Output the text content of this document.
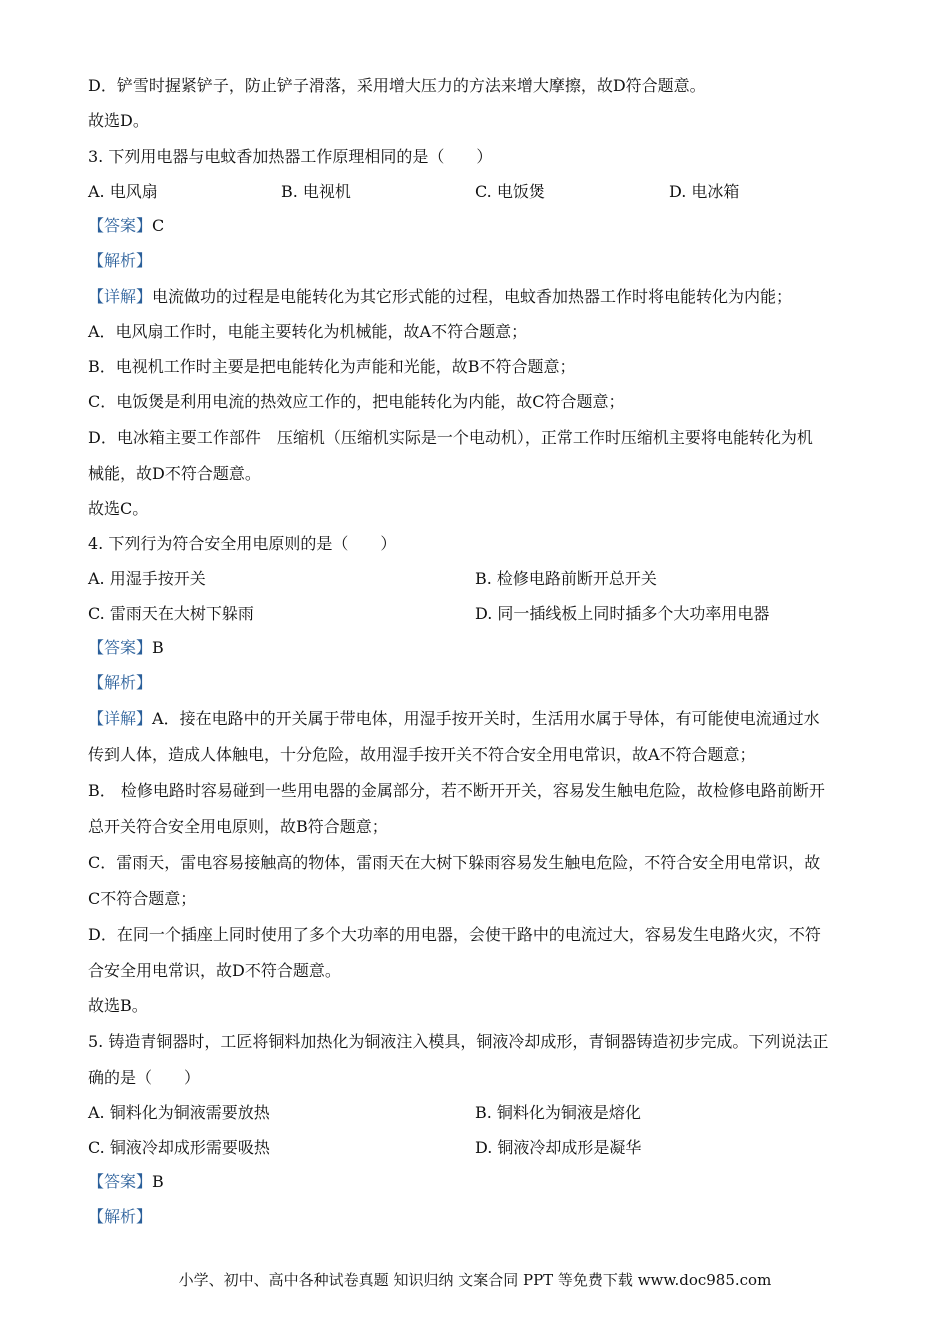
D．铲雪时握紧铲子，防止铲子滑落，采用增大压力的方法来增大摩擦，故D符合题意。
故选D。
3. 下列用电器与电蚊香加热器工作原理相同的是（　　）
A. 电风扇	B. 电视机	C. 电饭煲	D. 电冰箱
【答案】C
【解析】
【详解】电流做功的过程是电能转化为其它形式能的过程，电蚊香加热器工作时将电能转化为内能；
A．电风扇工作时，电能主要转化为机械能，故A不符合题意；
B．电视机工作时主要是把电能转化为声能和光能，故B不符合题意；
C．电饭煲是利用电流的热效应工作的，把电能转化为内能，故C符合题意；
D．电冰箱主要工作部件　压缩机（压缩机实际是一个电动机），正常工作时压缩机主要将电能转化为机
械能，故D不符合题意。
故选C。
4. 下列行为符合安全用电原则的是（　　）
A. 用湿手按开关	B. 检修电路前断开总开关
C. 雷雨天在大树下躲雨	D. 同一插线板上同时插多个大功率用电器
【答案】B
【解析】
【详解】A．接在电路中的开关属于带电体，用湿手按开关时，生活用水属于导体，有可能使电流通过水
传到人体，造成人体触电，十分危险，故用湿手按开关不符合安全用电常识，故A不符合题意；
B． 检修电路时容易碰到一些用电器的金属部分，若不断开开关，容易发生触电危险，故检修电路前断开
总开关符合安全用电原则，故B符合题意；
C．雷雨天，雷电容易接触高的物体，雷雨天在大树下躲雨容易发生触电危险，不符合安全用电常识，故
C不符合题意；
D．在同一个插座上同时使用了多个大功率的用电器，会使干路中的电流过大，容易发生电路火灾，不符
合安全用电常识，故D不符合题意。
故选B。
5. 铸造青铜器时，工匠将铜料加热化为铜液注入模具，铜液冷却成形，青铜器铸造初步完成。下列说法正
确的是（　　）
A. 铜料化为铜液需要放热	B. 铜料化为铜液是熔化
C. 铜液冷却成形需要吸热	D. 铜液冷却成形是凝华
【答案】B
【解析】
小学、初中、高中各种试卷真题 知识归纳 文案合同 PPT 等免费下载 www.doc985.com
